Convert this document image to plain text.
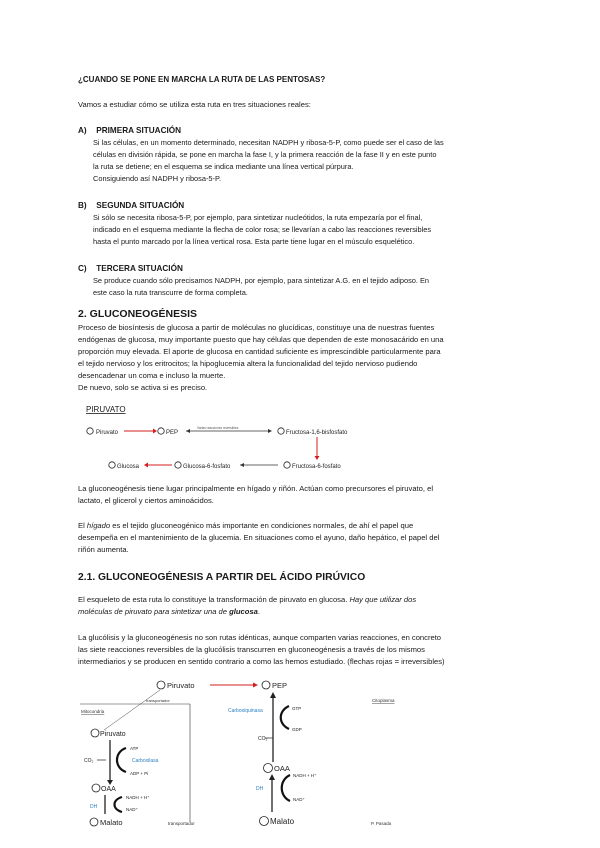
¿CUANDO SE PONE EN MARCHA LA RUTA DE LAS PENTOSAS?
Vamos a estudiar cómo se utiliza esta ruta en tres situaciones reales:
A) PRIMERA SITUACIÓN
Si las células, en un momento determinado, necesitan NADPH y ribosa-5-P, como puede ser el caso de las
células en división rápida, se pone en marcha la fase I, y la primera reacción de la fase II y en este punto
la ruta se detiene; en el esquema se indica mediante una línea vertical púrpura.
Consiguiendo así NADPH y ribosa-5-P.
B) SEGUNDA SITUACIÓN
Si sólo se necesita ribosa-5-P, por ejemplo, para sintetizar nucleótidos, la ruta empezaría por el final,
indicado en el esquema mediante la flecha de color rosa; se llevarían a cabo las reacciones reversibles
hasta el punto marcado por la línea vertical rosa. Esta parte tiene lugar en el músculo esquelético.
C) TERCERA SITUACIÓN
Se produce cuando sólo precisamos NADPH, por ejemplo, para sintetizar A.G. en el tejido adiposo. En
este caso la ruta transcurre de forma completa.
2. GLUCONEOGÉNESIS
Proceso de biosíntesis de glucosa a partir de moléculas no glucídicas, constituye una de nuestras fuentes
endógenas de glucosa, muy importante puesto que hay células que dependen de este monosacárido en una
proporción muy elevada. El aporte de glucosa en cantidad suficiente es imprescindible particularmente para
el tejido nervioso y los eritrocitos; la hipoglucemia altera la funcionalidad del tejido nervioso pudiendo
desencadenar un coma e incluso la muerte.
De nuevo, solo se activa si es preciso.
PIRUVATO
Piruvato	PEP
Varias reacciones reversibles
Fructosa-1,6-bisfosfato
Glucosa	Glucosa-6-fosfato	Fructosa-6-fosfato
La gluconeogénesis tiene lugar principalmente en hígado y riñón. Actúan como precursores el piruvato, el
lactato, el glicerol y ciertos aminoácidos.
El hígado es el tejido gluconeogénico más importante en condiciones normales, de ahí el papel que
desempeña en el mantenimiento de la glucemia. En situaciones como el ayuno, daño hepático, el papel del
riñón aumenta.
2.1. GLUCONEOGÉNESIS A PARTIR DEL ÁCIDO PIRÚVICO
El esqueleto de esta ruta lo constituye la transformación de piruvato en glucosa. Hay que utilizar dos
moléculas de piruvato para sintetizar una de glucosa.
La glucólisis y la gluconeogénesis no son rutas idénticas, aunque comparten varias reacciones, en concreto
las siete reacciones reversibles de la glucólisis transcurren en gluconeogénesis a través de los mismos
intermediarios y se producen en sentido contrario a como las hemos estudiado. (flechas rojas = irreversibles)
Piruvato	PEP
transportador
Mitocondria
Citoplasma
Piruvato
CO₂
ATP
ADP + Pi
Carboxilasa
OAA
NADH + H⁺
NAD⁺
DH
Malato	transportador
Carboxiquinasa	GTP
GDP
CO₂
OAA
NADH + H⁺
NAD⁺
DH
Malato	P. Pasada
